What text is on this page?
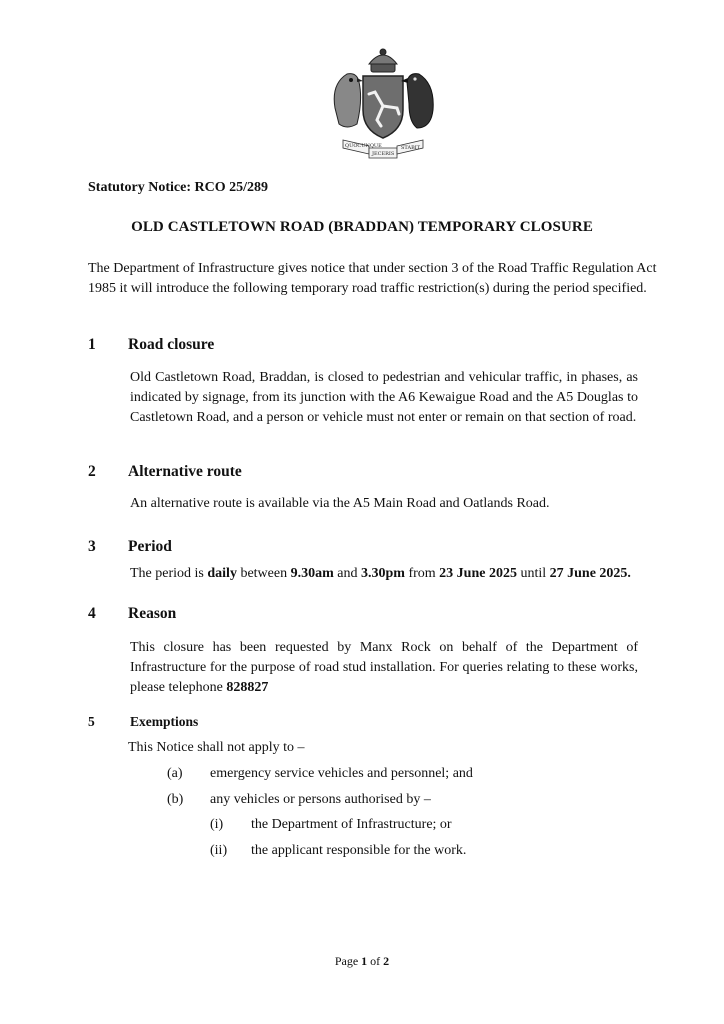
QUOCUNQUE
JECERIS
STABIT
Statutory Notice: RCO 25/289
OLD CASTLETOWN ROAD (BRADDAN) TEMPORARY CLOSURE
The Department of Infrastructure gives notice that under section 3 of the Road Traffic Regulation Act 1985 it will introduce the following temporary road traffic restriction(s) during the period specified.
1 Road closure
Old Castletown Road, Braddan, is closed to pedestrian and vehicular traffic, in phases, as indicated by signage, from its junction with the A6 Kewaigue Road and the A5 Douglas to Castletown Road, and a person or vehicle must not enter or remain on that section of road.
2 Alternative route
An alternative route is available via the A5 Main Road and Oatlands Road.
3 Period
The period is daily between 9.30am and 3.30pm from 23 June 2025 until 27 June 2025.
4 Reason
This closure has been requested by Manx Rock on behalf of the Department of Infrastructure for the purpose of road stud installation. For queries relating to these works, please telephone 828827
5	Exemptions
This Notice shall not apply to –
(a) emergency service vehicles and personnel; and
(b) any vehicles or persons authorised by –
(i) the Department of Infrastructure; or
(ii) the applicant responsible for the work.
Page 1 of 2
